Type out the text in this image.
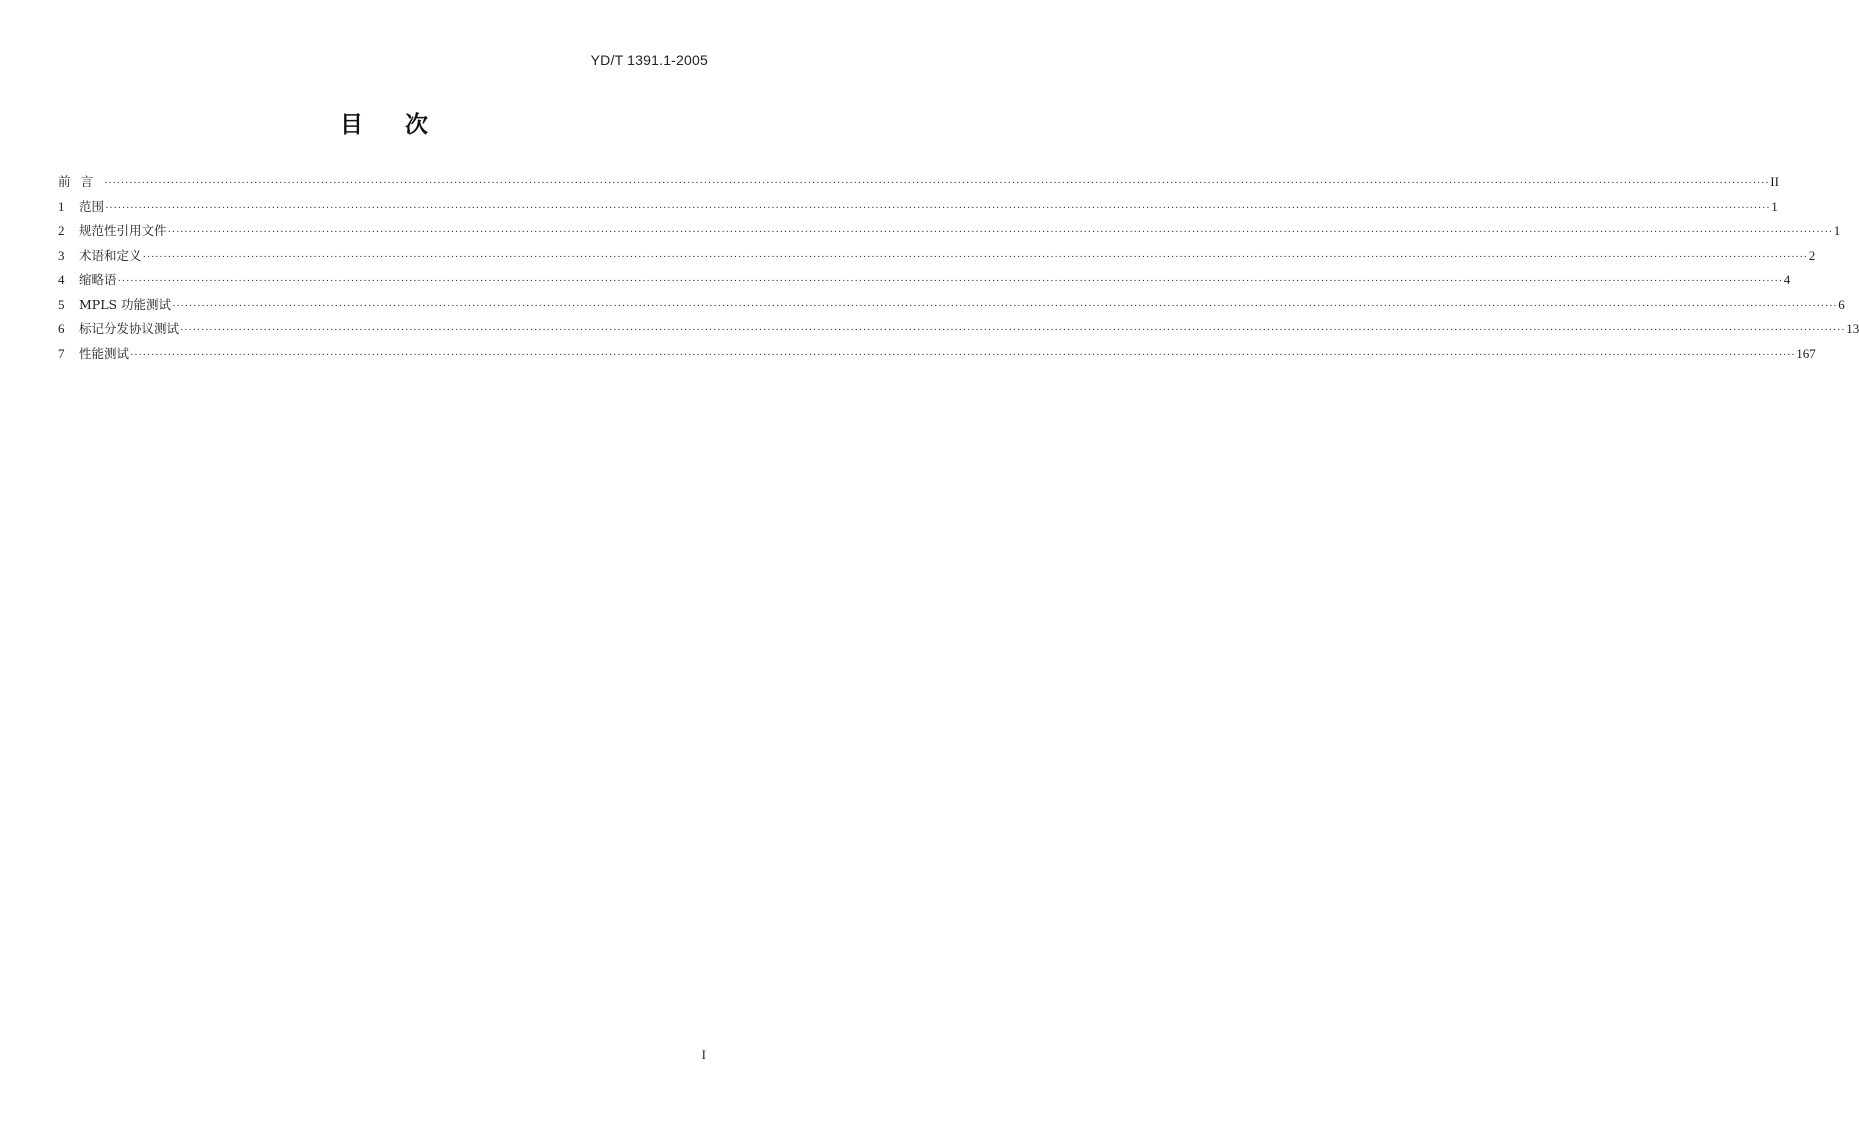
YD/T 1391.1-2005
目次
前言 ················································································································································································································································································································································································································ II
1	范围 ················································································································································································································································································································································································································ 1
2	规范性引用文件 ················································································································································································································································································································································································································ 1
3	术语和定义 ················································································································································································································································································································································································································ 2
4	缩略语 ················································································································································································································································································································································································································ 4
5	MPLS 功能测试 ················································································································································································································································································································································································································ 6
6	标记分发协议测试 ················································································································································································································································································································································································································ 13
7	性能测试 ················································································································································································································································································································································································································ 167
I
